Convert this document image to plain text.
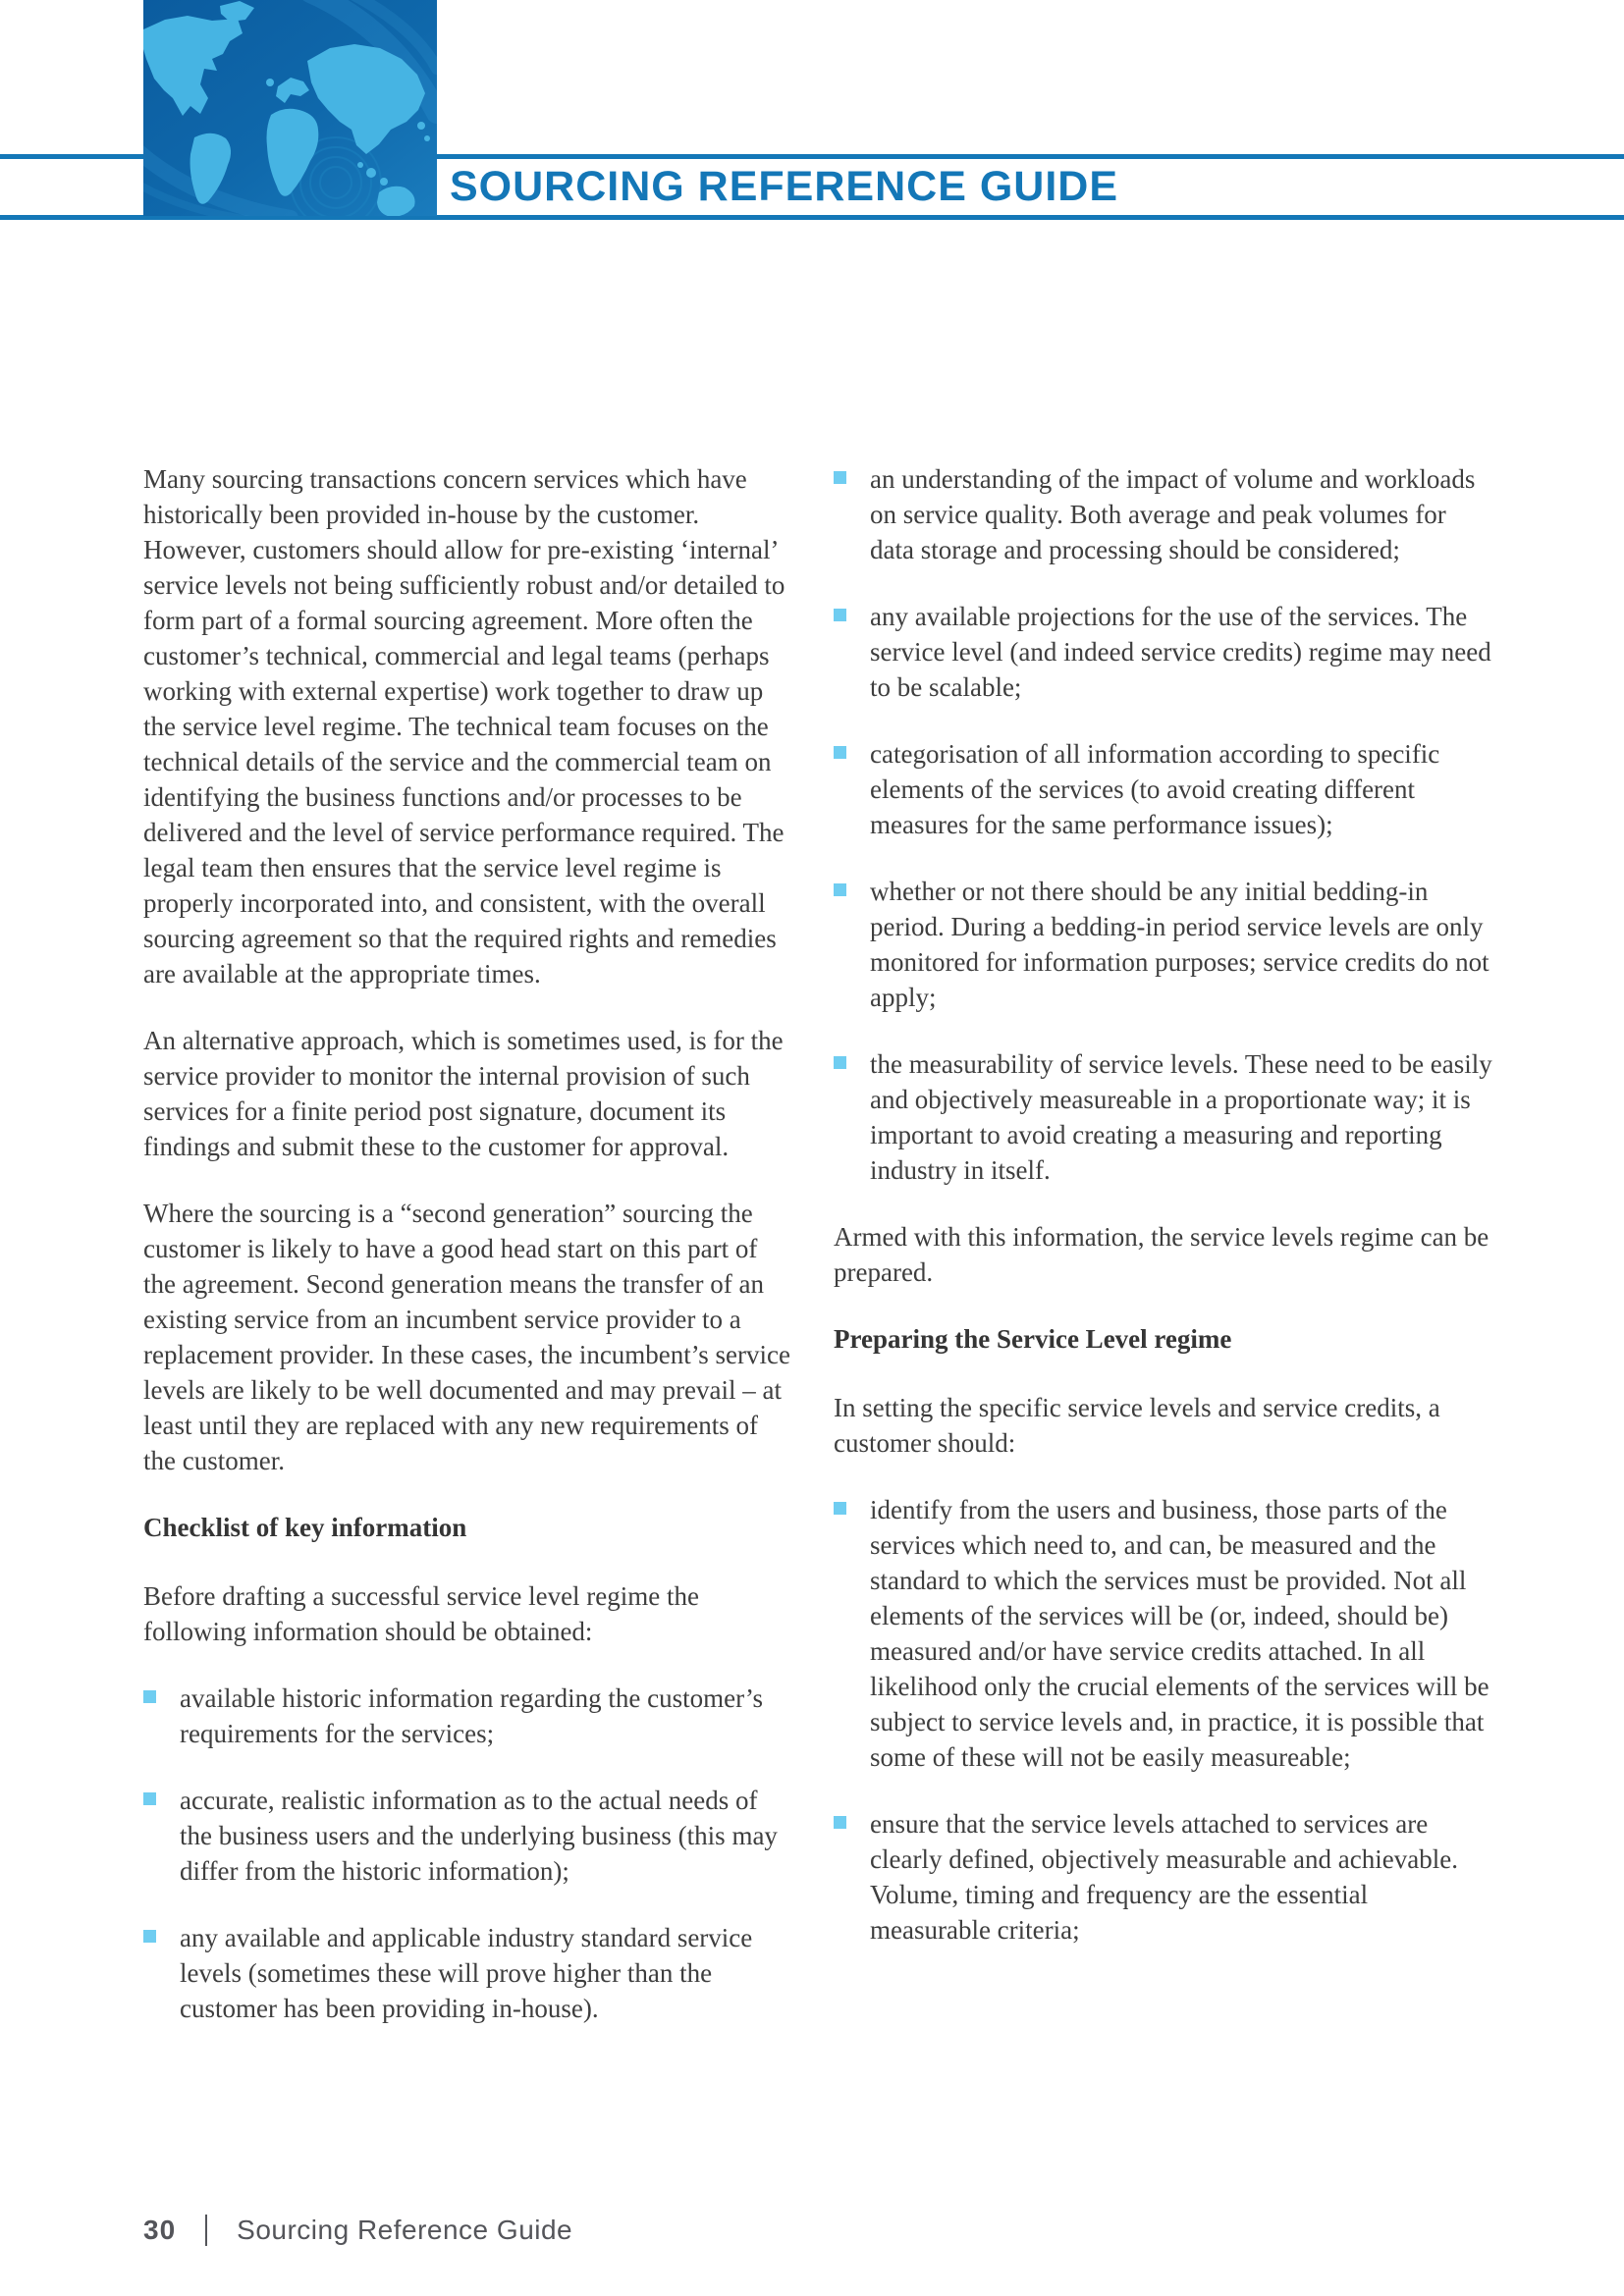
SOURCING REFERENCE GUIDE

Many sourcing transactions concern services which have historically been provided in-house by the customer. However, customers should allow for pre-existing ‘internal’ service levels not being sufficiently robust and/or detailed to form part of a formal sourcing agreement. More often the customer’s technical, commercial and legal teams (perhaps working with external expertise) work together to draw up the service level regime. The technical team focuses on the technical details of the service and the commercial team on identifying the business functions and/or processes to be delivered and the level of service performance required. The legal team then ensures that the service level regime is properly incorporated into, and consistent, with the overall sourcing agreement so that the required rights and remedies are available at the appropriate times.

An alternative approach, which is sometimes used, is for the service provider to monitor the internal provision of such services for a finite period post signature, document its findings and submit these to the customer for approval.

Where the sourcing is a “second generation” sourcing the customer is likely to have a good head start on this part of the agreement. Second generation means the transfer of an existing service from an incumbent service provider to a replacement provider. In these cases, the incumbent’s service levels are likely to be well documented and may prevail – at least until they are replaced with any new requirements of the customer.

Checklist of key information

Before drafting a successful service level regime the following information should be obtained:

available historic information regarding the customer’s requirements for the services;
accurate, realistic information as to the actual needs of the business users and the underlying business (this may differ from the historic information);
any available and applicable industry standard service levels (sometimes these will prove higher than the customer has been providing in-house).
an understanding of the impact of volume and workloads on service quality. Both average and peak volumes for data storage and processing should be considered;
any available projections for the use of the services. The service level (and indeed service credits) regime may need to be scalable;
categorisation of all information according to specific elements of the services (to avoid creating different measures for the same performance issues);
whether or not there should be any initial bedding-in period. During a bedding-in period service levels are only monitored for information purposes; service credits do not apply;
the measurability of service levels. These need to be easily and objectively measureable in a proportionate way; it is important to avoid creating a measuring and reporting industry in itself.

Armed with this information, the service levels regime can be prepared.

Preparing the Service Level regime

In setting the specific service levels and service credits, a customer should:

identify from the users and business, those parts of the services which need to, and can, be measured and the standard to which the services must be provided. Not all elements of the services will be (or, indeed, should be) measured and/or have service credits attached. In all likelihood only the crucial elements of the services will be subject to service levels and, in practice, it is possible that some of these will not be easily measureable;
ensure that the service levels attached to services are clearly defined, objectively measurable and achievable. Volume, timing and frequency are the essential measurable criteria;
30 Sourcing Reference Guide
